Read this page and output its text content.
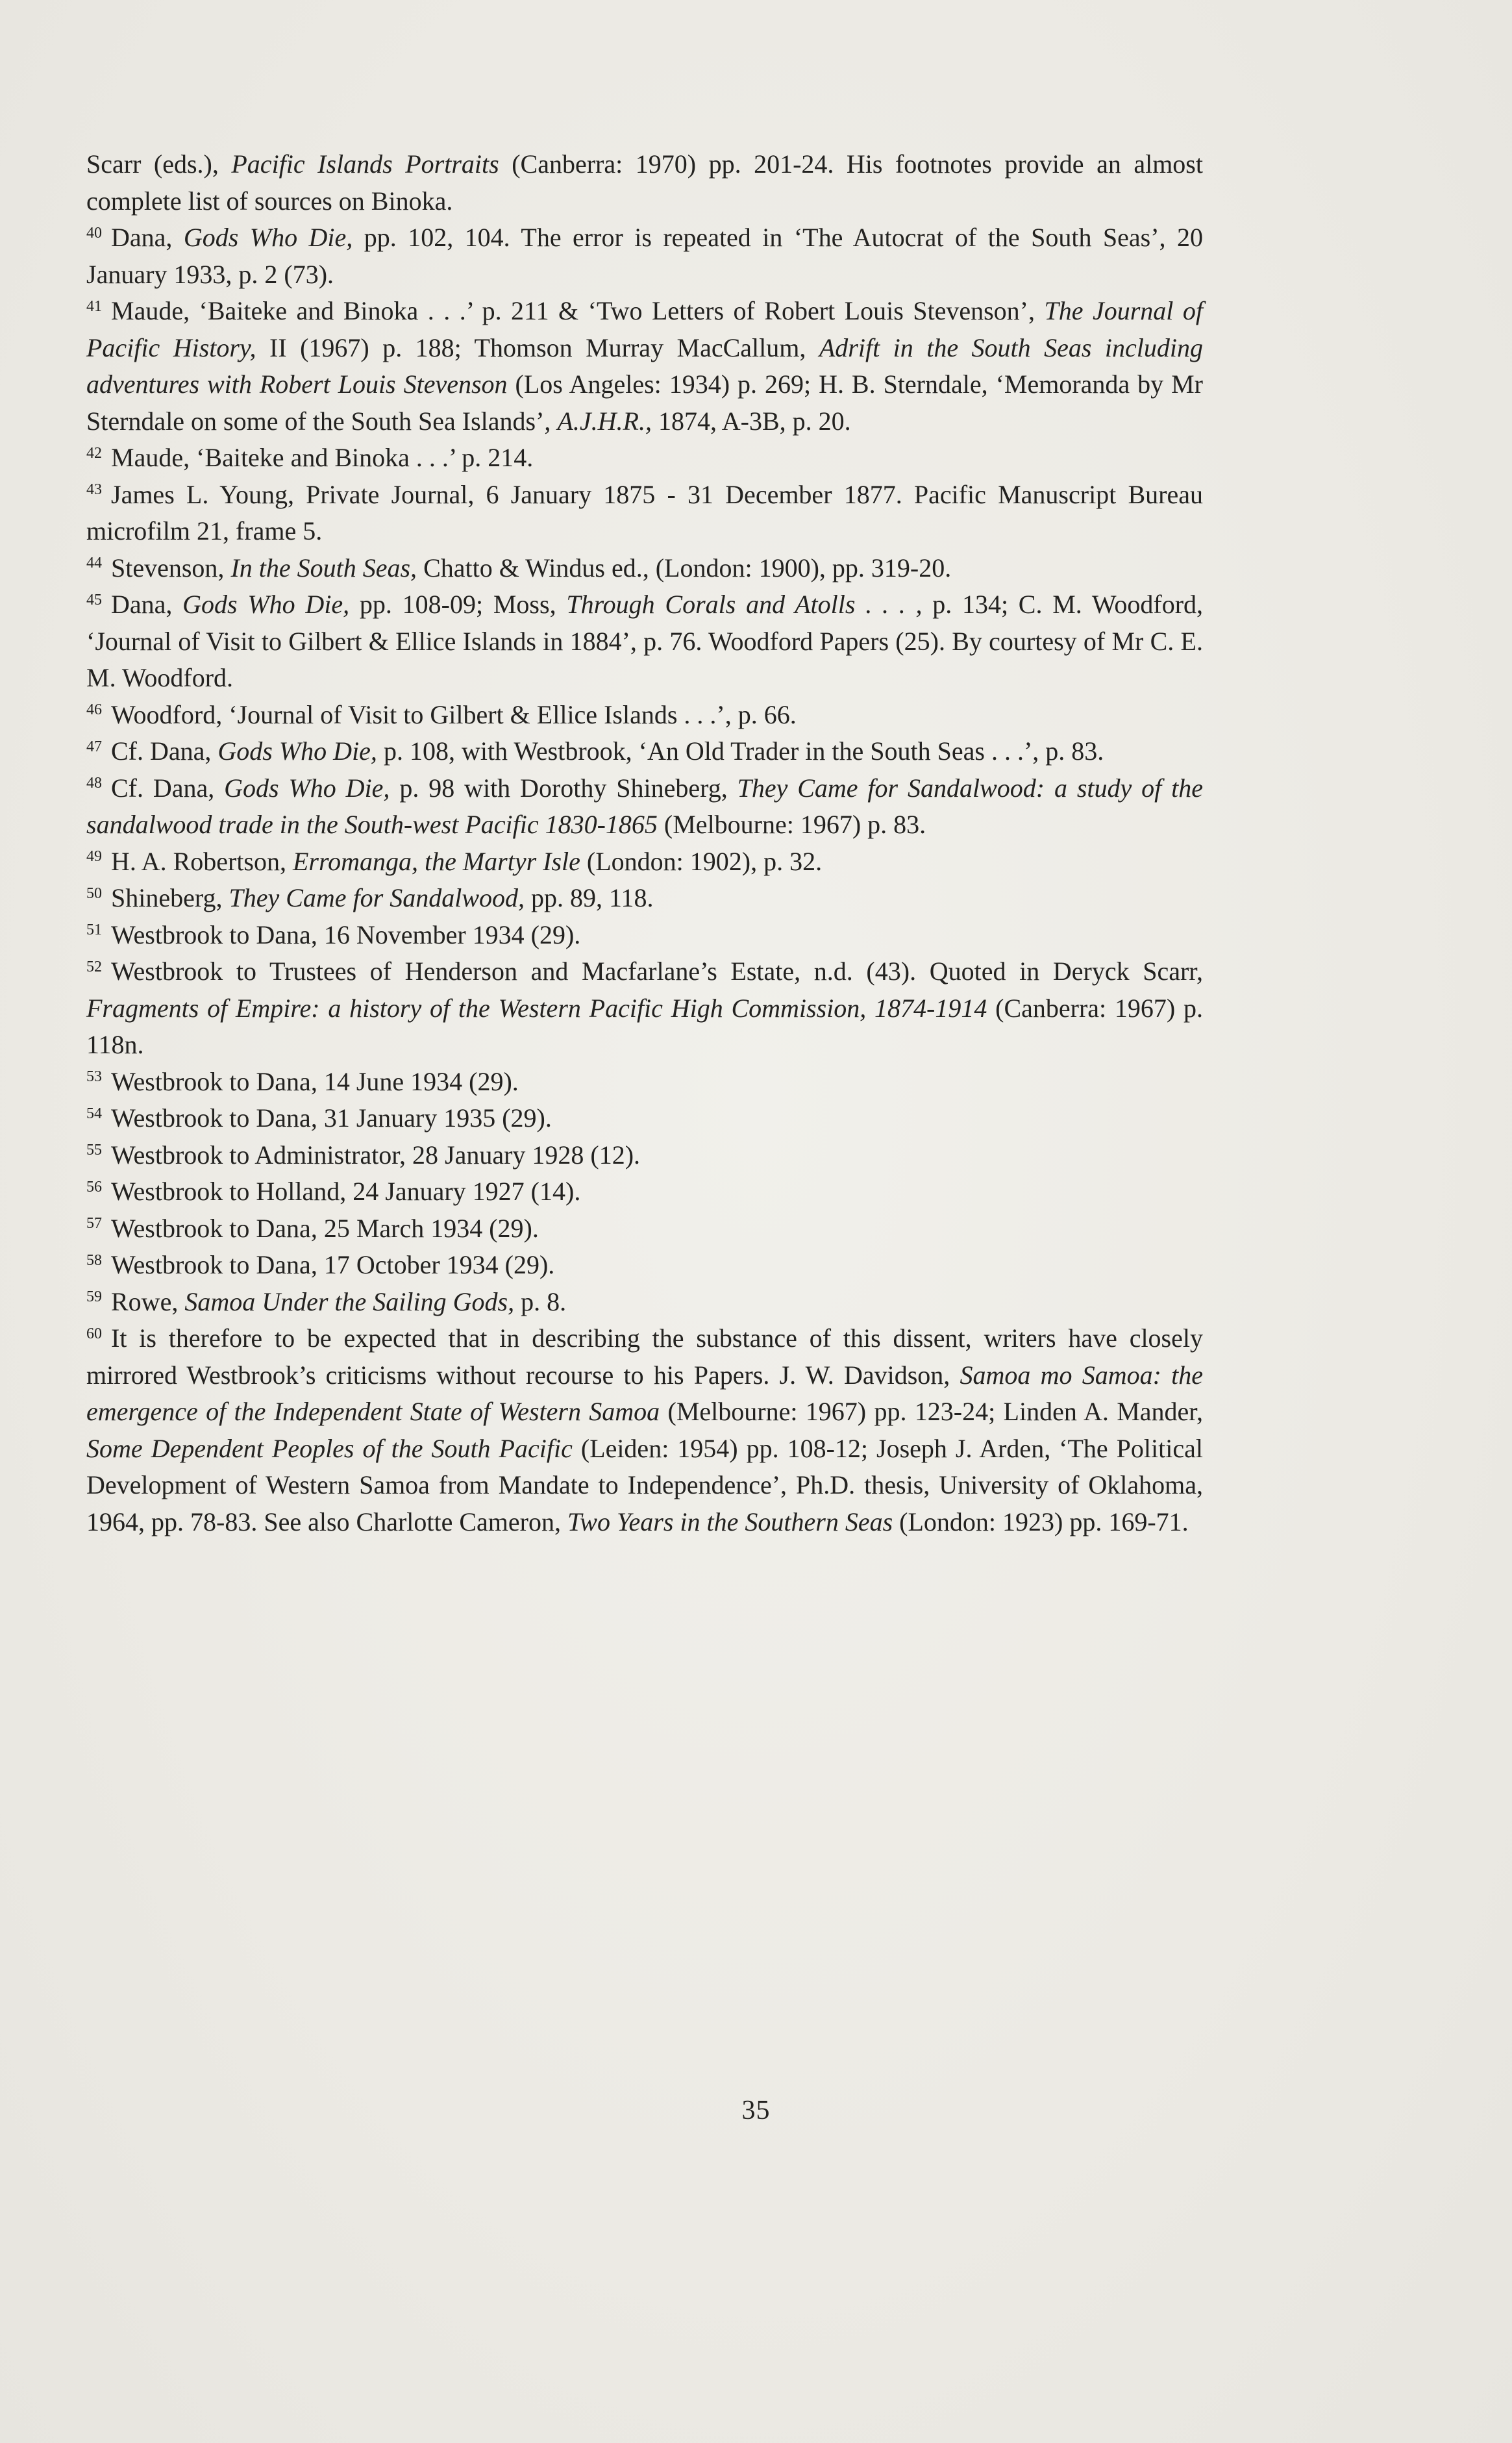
Scarr (eds.), Pacific Islands Portraits (Canberra: 1970) pp. 201-24. His footnotes provide an almost complete list of sources on Binoka.

$^{40}$ Dana, Gods Who Die, pp. 102, 104. The error is repeated in ‘The Autocrat of the South Seas’, 20 January 1933, p. 2 (73).

$^{41}$ Maude, ‘Baiteke and Binoka . . .’ p. 211 & ‘Two Letters of Robert Louis Stevenson’, The Journal of Pacific History, II (1967) p. 188; Thomson Murray MacCallum, Adrift in the South Seas including adventures with Robert Louis Stevenson (Los Angeles: 1934) p. 269; H. B. Sterndale, ‘Memoranda by Mr Sterndale on some of the South Sea Islands’, A.J.H.R., 1874, A-3B, p. 20.

$^{42}$ Maude, ‘Baiteke and Binoka . . .’ p. 214.

$^{43}$ James L. Young, Private Journal, 6 January 1875 - 31 December 1877. Pacific Manuscript Bureau microfilm 21, frame 5.

$^{44}$ Stevenson, In the South Seas, Chatto & Windus ed., (London: 1900), pp. 319-20.

$^{45}$ Dana, Gods Who Die, pp. 108-09; Moss, Through Corals and Atolls . . . , p. 134; C. M. Woodford, ‘Journal of Visit to Gilbert & Ellice Islands in 1884’, p. 76. Woodford Papers (25). By courtesy of Mr C. E. M. Woodford.

$^{46}$ Woodford, ‘Journal of Visit to Gilbert & Ellice Islands . . .’, p. 66.

$^{47}$ Cf. Dana, Gods Who Die, p. 108, with Westbrook, ‘An Old Trader in the South Seas . . .’, p. 83.

$^{48}$ Cf. Dana, Gods Who Die, p. 98 with Dorothy Shineberg, They Came for Sandalwood: a study of the sandalwood trade in the South-west Pacific 1830-1865 (Melbourne: 1967) p. 83.

$^{49}$ H. A. Robertson, Erromanga, the Martyr Isle (London: 1902), p. 32.

$^{50}$ Shineberg, They Came for Sandalwood, pp. 89, 118.

$^{51}$ Westbrook to Dana, 16 November 1934 (29).

$^{52}$ Westbrook to Trustees of Henderson and Macfarlane’s Estate, n.d. (43). Quoted in Deryck Scarr, Fragments of Empire: a history of the Western Pacific High Commission, 1874-1914 (Canberra: 1967) p. 118n.

$^{53}$ Westbrook to Dana, 14 June 1934 (29).

$^{54}$ Westbrook to Dana, 31 January 1935 (29).

$^{55}$ Westbrook to Administrator, 28 January 1928 (12).

$^{56}$ Westbrook to Holland, 24 January 1927 (14).

$^{57}$ Westbrook to Dana, 25 March 1934 (29).

$^{58}$ Westbrook to Dana, 17 October 1934 (29).

$^{59}$ Rowe, Samoa Under the Sailing Gods, p. 8.

$^{60}$ It is therefore to be expected that in describing the substance of this dissent, writers have closely mirrored Westbrook’s criticisms without recourse to his Papers. J. W. Davidson, Samoa mo Samoa: the emergence of the Independent State of Western Samoa (Melbourne: 1967) pp. 123-24; Linden A. Mander, Some Dependent Peoples of the South Pacific (Leiden: 1954) pp. 108-12; Joseph J. Arden, ‘The Political Development of Western Samoa from Mandate to Independence’, Ph.D. thesis, University of Oklahoma, 1964, pp. 78-83. See also Charlotte Cameron, Two Years in the Southern Seas (London: 1923) pp. 169-71.

35
